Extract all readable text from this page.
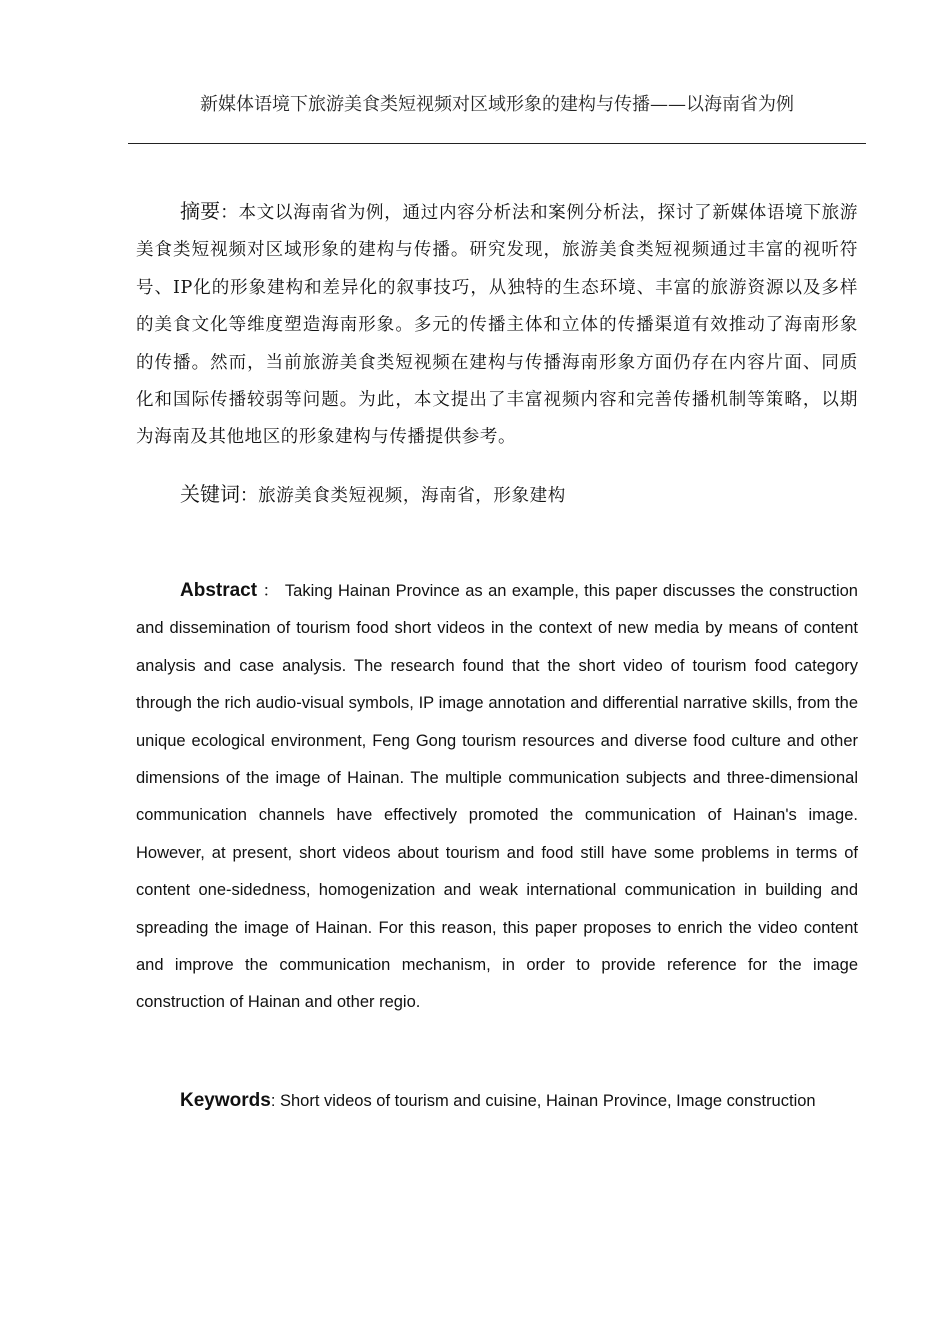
新媒体语境下旅游美食类短视频对区域形象的建构与传播——以海南省为例
摘要：本文以海南省为例，通过内容分析法和案例分析法，探讨了新媒体语境下旅游美食类短视频对区域形象的建构与传播。研究发现，旅游美食类短视频通过丰富的视听符号、IP化的形象建构和差异化的叙事技巧，从独特的生态环境、丰富的旅游资源以及多样的美食文化等维度塑造海南形象。多元的传播主体和立体的传播渠道有效推动了海南形象的传播。然而，当前旅游美食类短视频在建构与传播海南形象方面仍存在内容片面、同质化和国际传播较弱等问题。为此，本文提出了丰富视频内容和完善传播机制等策略，以期为海南及其他地区的形象建构与传播提供参考。
关键词：旅游美食类短视频，海南省，形象建构
Abstract ： Taking Hainan Province as an example, this paper discusses the construction and dissemination of tourism food short videos in the context of new media by means of content analysis and case analysis. The research found that the short video of tourism food category through the rich audio-visual symbols, IP image annotation and differential narrative skills, from the unique ecological environment, Feng Gong tourism resources and diverse food culture and other dimensions of the image of Hainan. The multiple communication subjects and three-dimensional communication channels have effectively promoted the communication of Hainan's image. However, at present, short videos about tourism and food still have some problems in terms of content one-sidedness, homogenization and weak international communication in building and spreading the image of Hainan. For this reason, this paper proposes to enrich the video content and improve the communication mechanism, in order to provide reference for the image construction of Hainan and other regio.
Keywords: Short videos of tourism and cuisine, Hainan Province, Image construction
